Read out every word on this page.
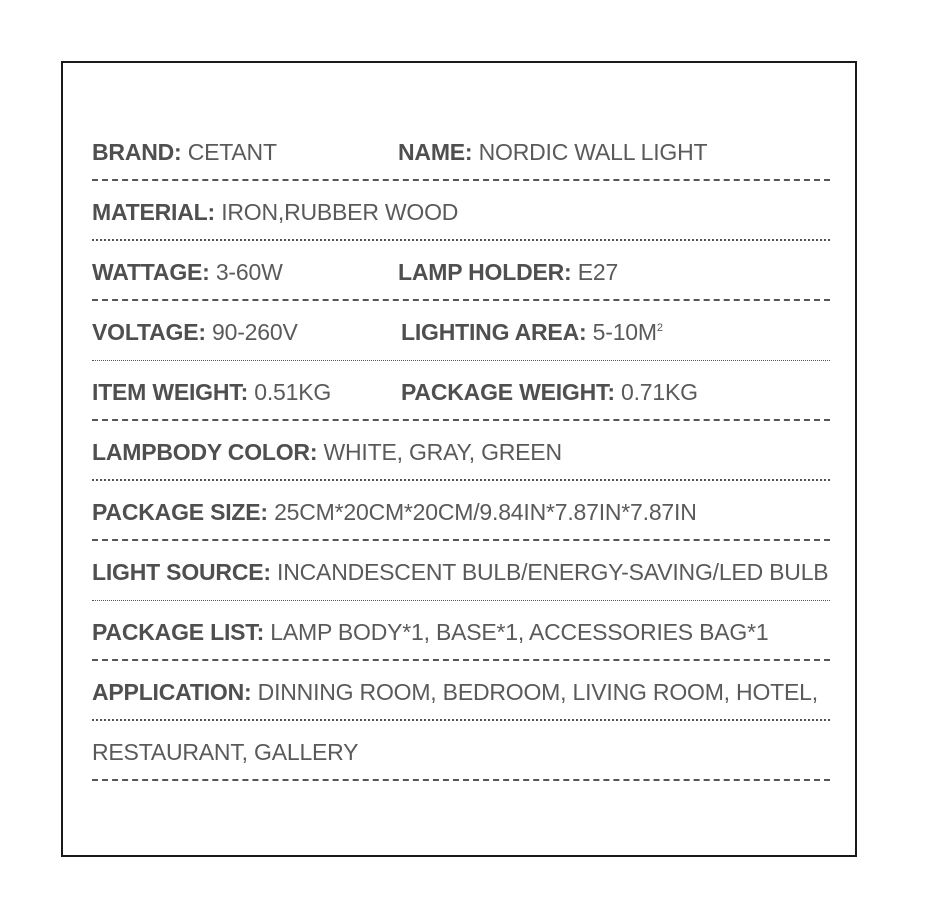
BRAND: CETANT	NAME: NORDIC WALL LIGHT
MATERIAL: IRON,RUBBER WOOD
WATTAGE: 3-60W	LAMP HOLDER: E27
VOLTAGE: 90-260V	LIGHTING AREA: $5-10M^2$
ITEM WEIGHT: 0.51KG	PACKAGE WEIGHT: 0.71KG
LAMPBODY COLOR: WHITE, GRAY, GREEN
PACKAGE SIZE: 25CM*20CM*20CM/9.84IN*7.87IN*7.87IN
LIGHT SOURCE: INCANDESCENT BULB/ENERGY-SAVING/LED BULB
PACKAGE LIST: LAMP BODY*1, BASE*1, ACCESSORIES BAG*1
APPLICATION: DINNING ROOM, BEDROOM, LIVING ROOM, HOTEL,
RESTAURANT, GALLERY
